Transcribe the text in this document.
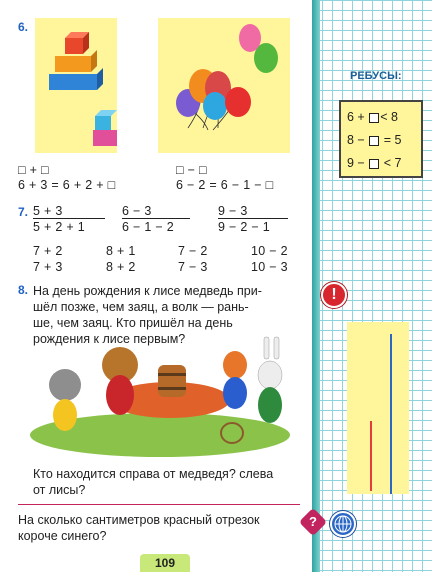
РЕБУСЫ:
6 + < 8
8 − = 5
9 − < 7
!
?
6.
□ + □
6 + 3 = 6 + 2 + □
□ − □
6 − 2 = 6 − 1 − □
7. 5 + 3
5 + 2 + 1
6 − 3
6 − 1 − 2
9 − 3
9 − 2 − 1
7 + 2
7 + 3
8 + 1
8 + 2
7 − 2
7 − 3
10 − 2
10 − 3
8. На день рождения к лисе медведь при-
шёл позже, чем заяц, а волк — рань-
ше, чем заяц. Кто пришёл на день
рождения к лисе первым?
Кто находится справа от медведя? слева
от лисы?
На сколько сантиметров красный отрезок
короче синего?
109
